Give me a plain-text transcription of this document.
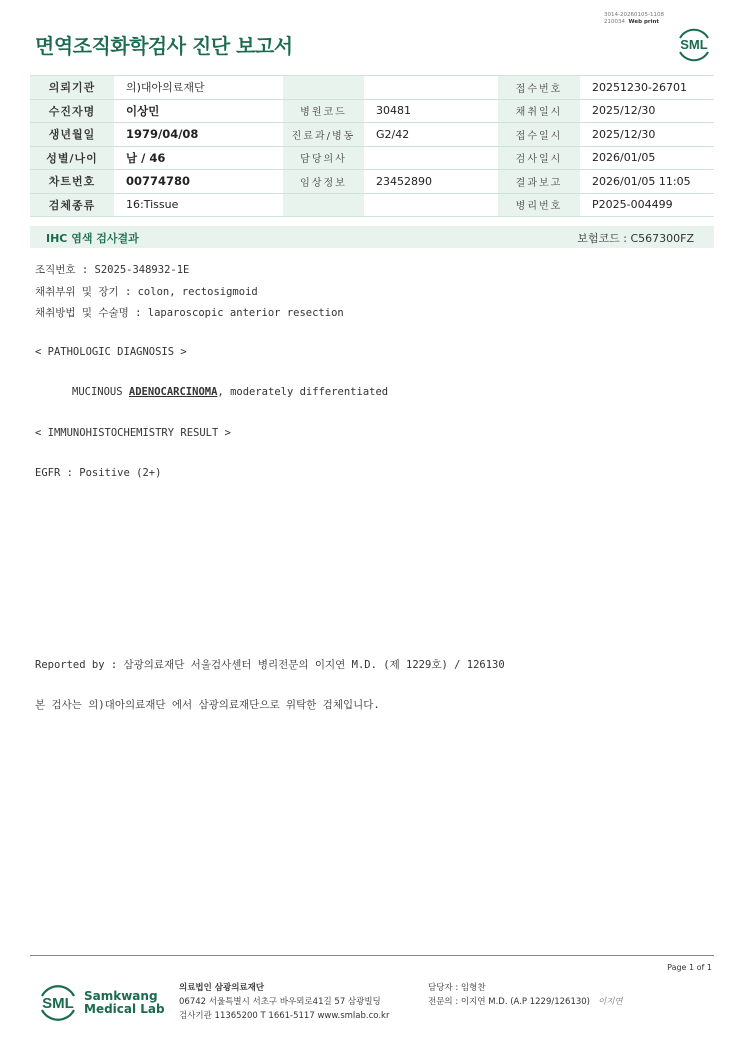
3014-20260105-1108
210034 Web print
면역조직화학검사 진단 보고서	SML
의뢰기관	의)대아의료재단			접수번호	20251230-26701
수진자명	이상민	병원코드	30481	채취일시	2025/12/30
생년월일	1979/04/08	진료과/병동	G2/42	접수일시	2025/12/30
성별/나이	남 / 46	담당의사		검사일시	2026/01/05
차트번호	00774780	임상정보	23452890	결과보고	2026/01/05 11:05
검체종류	16:Tissue			병리번호	P2025-004499
IHC 염색 검사결과	보험코드 : C567300FZ
조직번호 : S2025-348932-1E
채취부위 및 장기 : colon, rectosigmoid
채취방법 및 수술명 : laparoscopic anterior resection
< PATHOLOGIC DIAGNOSIS >
MUCINOUS ADENOCARCINOMA, moderately differentiated
< IMMUNOHISTOCHEMISTRY RESULT >
EGFR : Positive (2+)
Reported by : 삼광의료재단 서울검사센터 병리전문의 이지연 M.D. (제 1229호) / 126130
본 검사는 의)대아의료재단 에서 삼광의료재단으로 위탁한 검체입니다.
Page 1 of 1
SML Samkwang
Medical Lab
의료법인 삼광의료재단
06742 서울특별시 서초구 바우뫼로41길 57 삼광빌딩
검사기관 11365200 T 1661-5117 www.smlab.co.kr
담당자 : 임형찬
전문의 : 이지연 M.D. (A.P 1229/126130) 이지연
